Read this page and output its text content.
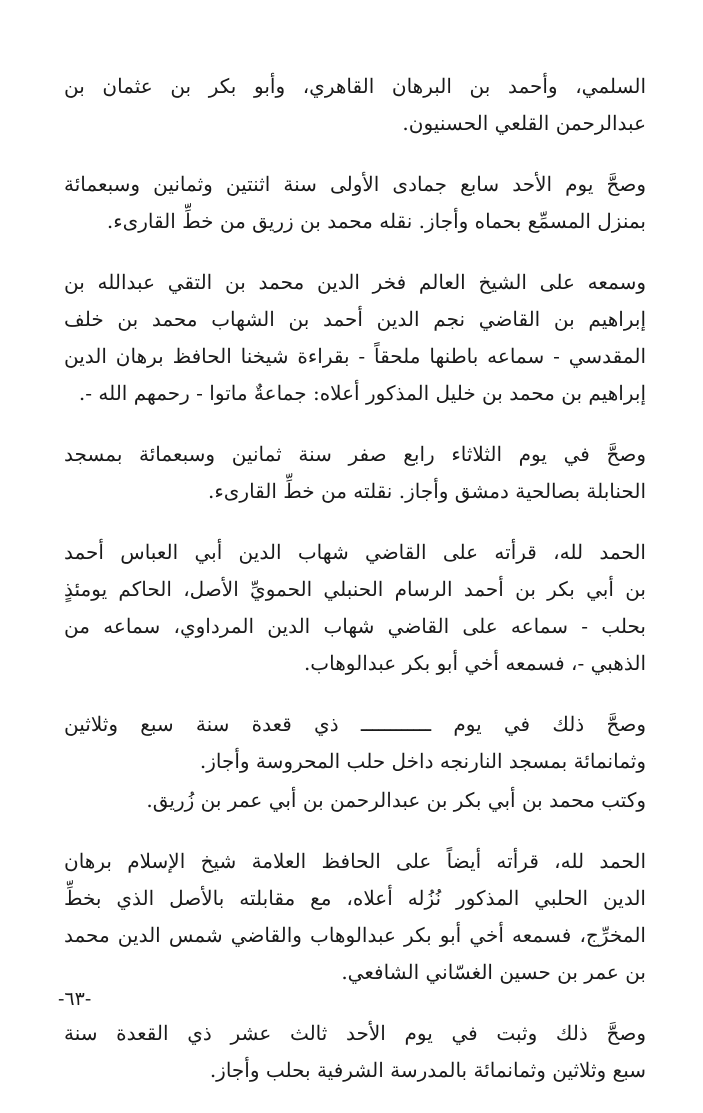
السلمي، وأحمد بن البرهان القاهري، وأبو بكر بن عثمان بن
عبدالرحمن القلعي الحسنيون.
وصحَّ يوم الأحد سابع جمادى الأولى سنة اثنتين وثمانين وسبعمائة
بمنزل المسمِّع بحماه وأجاز. نقله محمد بن زريق من خطِّ القارىء.
وسمعه على الشيخ العالم فخر الدين محمد بن التقي عبدالله بن
إبراهيم بن القاضي نجم الدين أحمد بن الشهاب محمد بن خلف
المقدسي - سماعه باطنها ملحقاً - بقراءة شيخنا الحافظ برهان الدين
إبراهيم بن محمد بن خليل المذكور أعلاه: جماعةٌ ماتوا - رحمهم الله -.
وصحَّ في يوم الثلاثاء رابع صفر سنة ثمانين وسبعمائة بمسجد
الحنابلة بصالحية دمشق وأجاز. نقلته من خطِّ القارىء.
الحمد لله، قرأته على القاضي شهاب الدين أبي العباس أحمد
بن أبي بكر بن أحمد الرسام الحنبلي الحمويِّ الأصل، الحاكم يومئذٍ
بحلب - سماعه على القاضي شهاب الدين المرداوي، سماعه من
الذهبي -، فسمعه أخي أبو بكر عبدالوهاب.
وصحَّ ذلك في يوم ــــــــــــ ذي قعدة سنة سبع وثلاثين
وثمانمائة بمسجد النارنجه داخل حلب المحروسة وأجاز.
وكتب محمد بن أبي بكر بن عبدالرحمن بن أبي عمر بن زُريق.
الحمد لله، قرأته أيضاً على الحافظ العلامة شيخ الإسلام برهان
الدين الحلبي المذكور نُزُله أعلاه، مع مقابلته بالأصل الذي بخطِّ
المخرِّج، فسمعه أخي أبو بكر عبدالوهاب والقاضي شمس الدين محمد
بن عمر بن حسين الغسّاني الشافعي.
وصحَّ ذلك وثبت في يوم الأحد ثالث عشر ذي القعدة سنة
سبع وثلاثين وثمانمائة بالمدرسة الشرفية بحلب وأجاز.
-٦٣-
